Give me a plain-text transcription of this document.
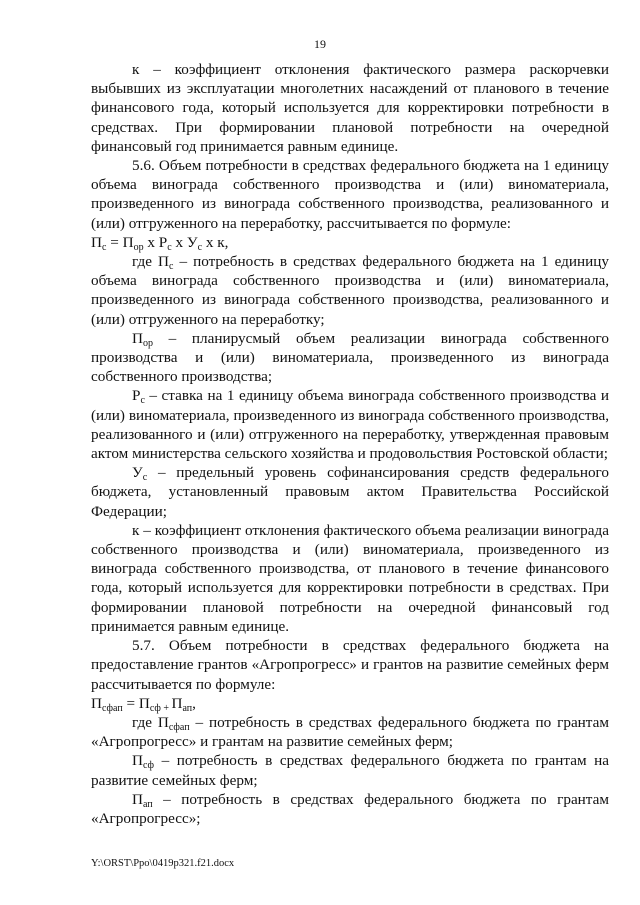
19

к – коэффициент отклонения фактического размера раскорчевки выбывших из эксплуатации многолетних насаждений от планового в течение финансового года, который используется для корректировки потребности в средствах. При формировании плановой потребности на очередной финансовый год принимается равным единице.

5.6. Объем потребности в средствах федерального бюджета на 1 единицу объема винограда собственного производства и (или) виноматериала, произведенного из винограда собственного производства, реализованного и (или) отгруженного на переработку, рассчитывается по формуле:

$П_с = П_{ор}$ x $Р_с$ x $У_с$ x к,

где $П_с$ – потребность в средствах федерального бюджета на 1 единицу объема винограда собственного производства и (или) виноматериала, произведенного из винограда собственного производства, реализованного и (или) отгруженного на переработку;

$П_{ор}$ – планирусмый объем реализации винограда собственного производства и (или) виноматериала, произведенного из винограда собственного производства;

$Р_с$ – ставка на 1 единицу объема винограда собственного производства и (или) виноматериала, произведенного из винограда собственного производства, реализованного и (или) отгруженного на переработку, утвержденная правовым актом министерства сельского хозяйства и продовольствия Ростовской области;

$У_с$ – предельный уровень софинансирования средств федерального бюджета, установленный правовым актом Правительства Российской Федерации;

к – коэффициент отклонения фактического объема реализации винограда собственного производства и (или) виноматериала, произведенного из винограда собственного производства, от планового в течение финансового года, который используется для корректировки потребности в средствах. При формировании плановой потребности на очередной финансовый год принимается равным единице.

5.7. Объем потребности в средствах федерального бюджета на предоставление грантов «Агропрогресс» и грантов на развитие семейных ферм рассчитывается по формуле:

$П_{сфап} = П_{сф +}$ $П_{ап}$,

где $П_{сфап}$ – потребность в средствах федерального бюджета по грантам «Агропрогресс» и грантам на развитие семейных ферм;

$П_{сф}$ – потребность в средствах федерального бюджета по грантам на развитие семейных ферм;

$П_{ап}$ – потребность в средствах федерального бюджета по грантам «Агропрогресс»;

Y:\ORST\Ppo\0419p321.f21.docx
